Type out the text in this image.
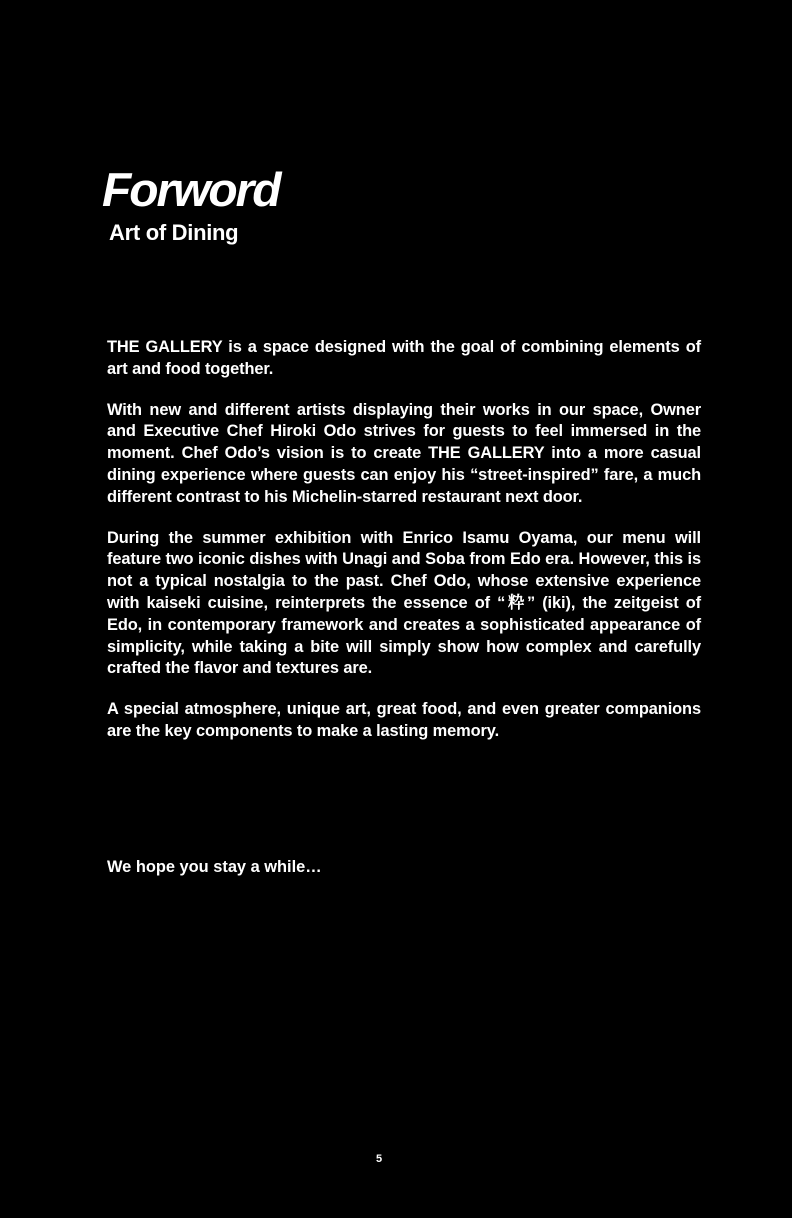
Forword
Art of Dining

THE GALLERY is a space designed with the goal of combining elements of art and food together.

With new and different artists displaying their works in our space, Owner and Executive Chef Hiroki Odo strives for guests to feel immersed in the moment. Chef Odo’s vision is to create THE GALLERY into a more casual dining experience where guests can enjoy his “street-inspired” fare, a much different contrast to his Michelin-starred restaurant next door.

During the summer exhibition with Enrico Isamu Oyama, our menu will feature two iconic dishes with Unagi and Soba from Edo era. However, this is not a typical nostalgia to the past. Chef Odo, whose extensive experience with kaiseki cuisine, reinterprets the essence of “粋” (iki), the zeitgeist of Edo, in contemporary framework and creates a sophisticated appearance of simplicity, while taking a bite will simply show how complex and carefully crafted the flavor and textures are.

A special atmosphere, unique art, great food, and even greater companions are the key components to make a lasting memory.

We hope you stay a while…

5
